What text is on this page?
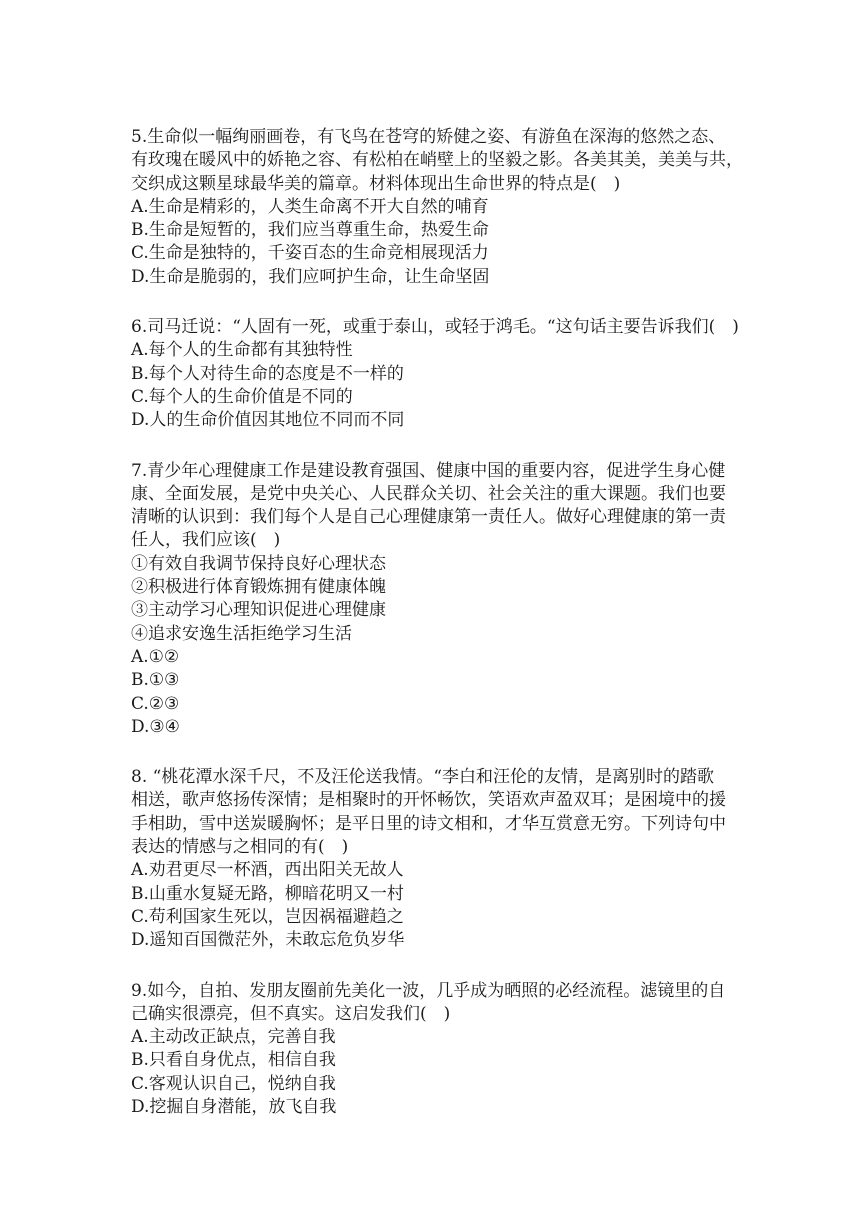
5.生命似一幅绚丽画卷，有飞鸟在苍穹的矫健之姿、有游鱼在深海的悠然之态、
有玫瑰在暖风中的娇艳之容、有松柏在峭壁上的坚毅之影。各美其美，美美与共，
交织成这颗星球最华美的篇章。材料体现出生命世界的特点是(　)
A.生命是精彩的，人类生命离不开大自然的哺育
B.生命是短暂的，我们应当尊重生命，热爱生命
C.生命是独特的，千姿百态的生命竞相展现活力
D.生命是脆弱的，我们应呵护生命，让生命坚固
6.司马迁说：“人固有一死，或重于泰山，或轻于鸿毛。“这句话主要告诉我们(　)
A.每个人的生命都有其独特性
B.每个人对待生命的态度是不一样的
C.每个人的生命价值是不同的
D.人的生命价值因其地位不同而不同
7.青少年心理健康工作是建设教育强国、健康中国的重要内容，促进学生身心健
康、全面发展，是党中央关心、人民群众关切、社会关注的重大课题。我们也要
清晰的认识到：我们每个人是自己心理健康第一责任人。做好心理健康的第一责
任人，我们应该(　)
①有效自我调节保持良好心理状态
②积极进行体育锻炼拥有健康体魄
③主动学习心理知识促进心理健康
④追求安逸生活拒绝学习生活
A.①②
B.①③
C.②③
D.③④
8. “桃花潭水深千尺，不及汪伦送我情。“李白和汪伦的友情，是离别时的踏歌
相送，歌声悠扬传深情；是相聚时的开怀畅饮，笑语欢声盈双耳；是困境中的援
手相助，雪中送炭暖胸怀；是平日里的诗文相和，才华互赏意无穷。下列诗句中
表达的情感与之相同的有(　)
A.劝君更尽一杯酒，西出阳关无故人
B.山重水复疑无路，柳暗花明又一村
C.苟利国家生死以，岂因祸福避趋之
D.遥知百国微茫外，未敢忘危负岁华
9.如今，自拍、发朋友圈前先美化一波，几乎成为晒照的必经流程。滤镜里的自
己确实很漂亮，但不真实。这启发我们(　)
A.主动改正缺点，完善自我
B.只看自身优点，相信自我
C.客观认识自己，悦纳自我
D.挖掘自身潜能，放飞自我
